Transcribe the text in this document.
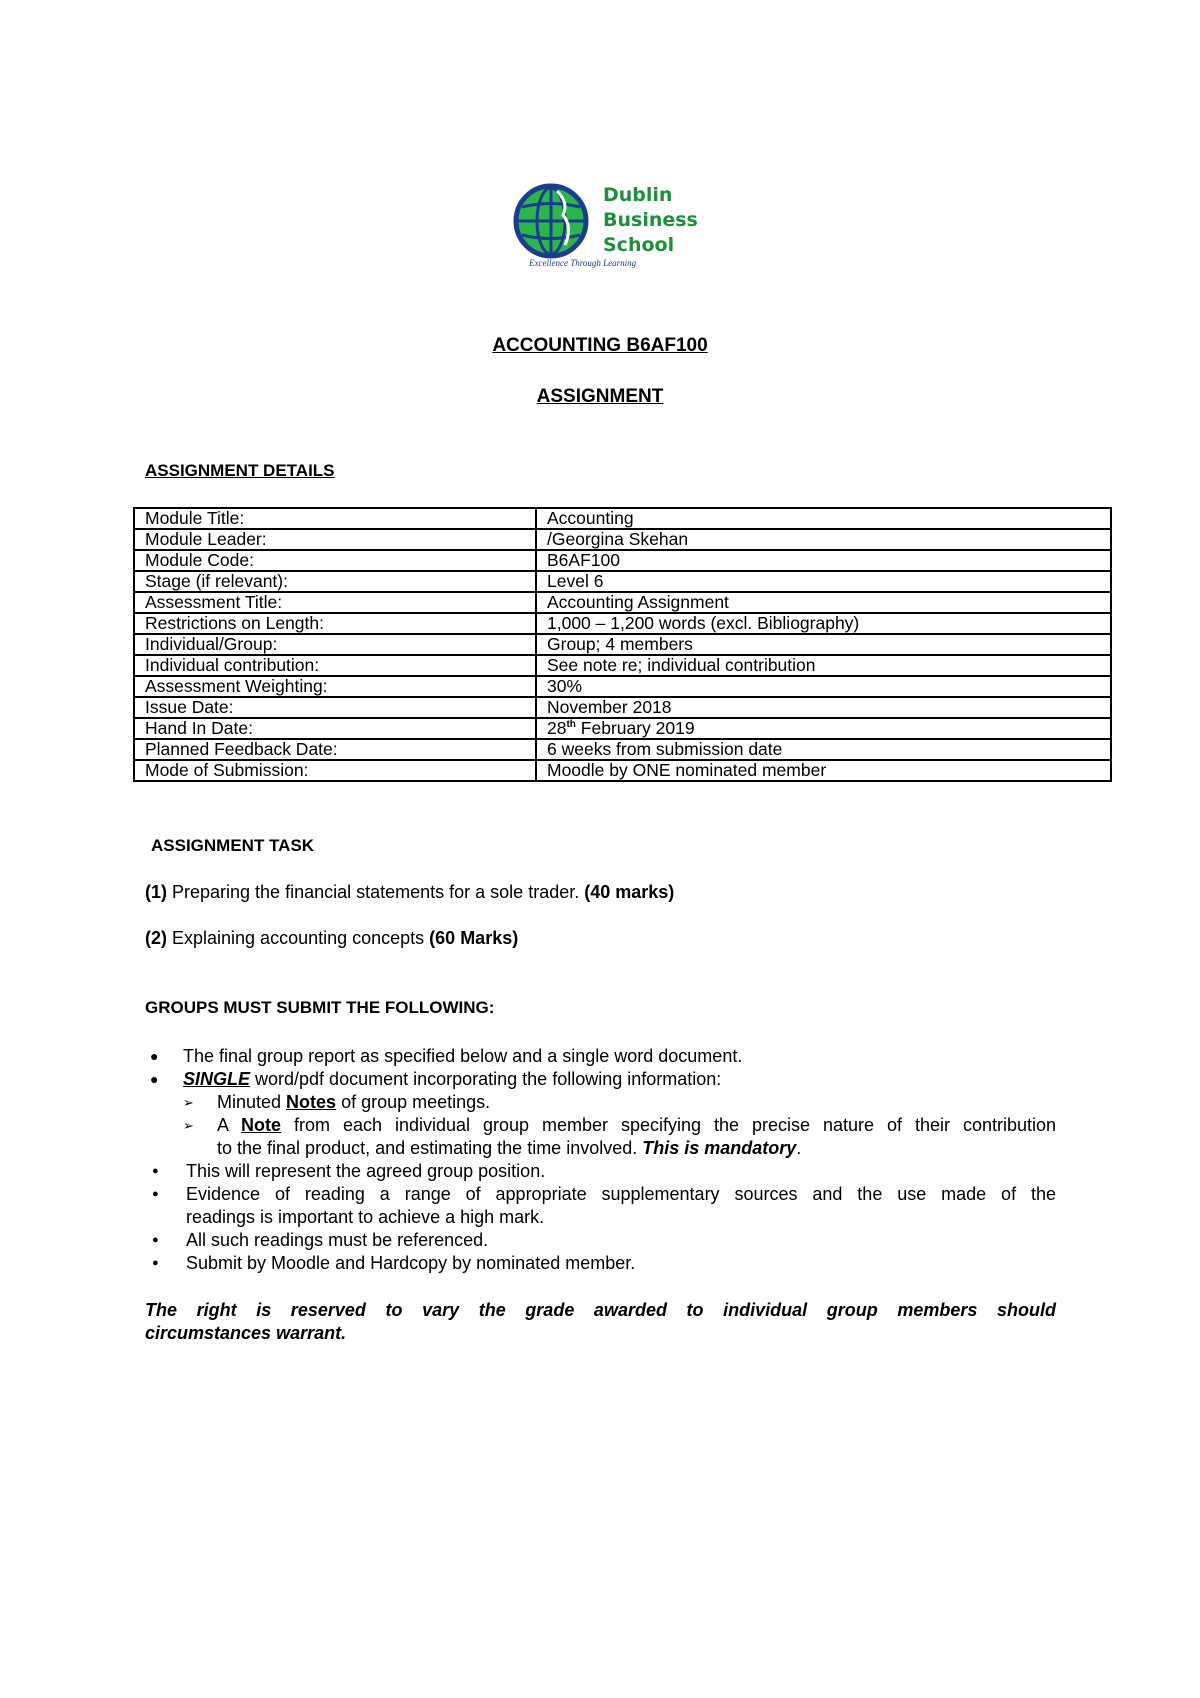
Dublin
Business
School
Excellence Through Learning
ACCOUNTING B6AF100
ASSIGNMENT
ASSIGNMENT DETAILS
Module Title:	Accounting
Module Leader:	/Georgina Skehan
Module Code:	B6AF100
Stage (if relevant):	Level 6
Assessment Title:	Accounting Assignment
Restrictions on Length:	1,000 – 1,200 words (excl. Bibliography)
Individual/Group:	Group; 4 members
Individual contribution:	See note re; individual contribution
Assessment Weighting:	30%
Issue Date:	November 2018
Hand In Date:	28th February 2019
Planned Feedback Date:	6 weeks from submission date
Mode of Submission:	Moodle by ONE nominated member
ASSIGNMENT TASK
(1) Preparing the financial statements for a sole trader. (40 marks)
(2) Explaining accounting concepts (60 Marks)
GROUPS MUST SUBMIT THE FOLLOWING:
● The final group report as specified below and a single word document.
● SINGLE word/pdf document incorporating the following information:
➢ Minuted Notes of group meetings.
➢ A Note from each individual group member specifying the precise nature of their contribution
to the final product, and estimating the time involved. This is mandatory.
● This will represent the agreed group position.
● Evidence of reading a range of appropriate supplementary sources and the use made of the
readings is important to achieve a high mark.
● All such readings must be referenced.
● Submit by Moodle and Hardcopy by nominated member.
The right is reserved to vary the grade awarded to individual group members should
circumstances warrant.
